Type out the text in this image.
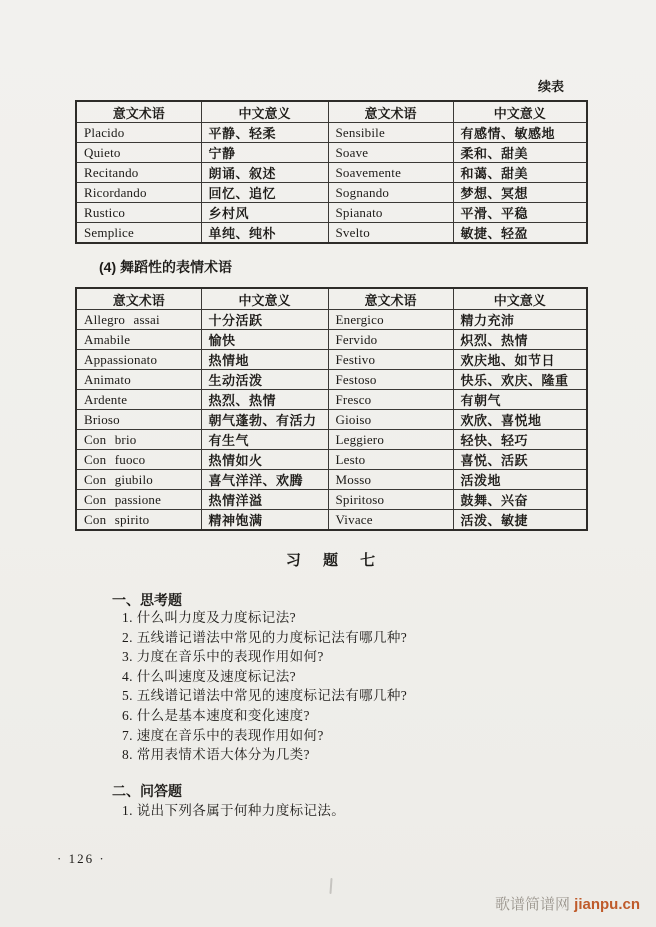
续表
意文术语	中文意义	意文术语	中文意义
Placido	平静、轻柔	Sensibile	有感情、敏感地
Quieto	宁静	Soave	柔和、甜美
Recitando	朗诵、叙述	Soavemente	和蔼、甜美
Ricordando	回忆、追忆	Sognando	梦想、冥想
Rustico	乡村风	Spianato	平滑、平稳
Semplice	单纯、纯朴	Svelto	敏捷、轻盈
(4) 舞蹈性的表情术语
意文术语	中文意义	意文术语	中文意义
Allegro assai	十分活跃	Energico	精力充沛
Amabile	愉快	Fervido	炽烈、热情
Appassionato	热情地	Festivo	欢庆地、如节日
Animato	生动活泼	Festoso	快乐、欢庆、隆重
Ardente	热烈、热情	Fresco	有朝气
Brioso	朝气蓬勃、有活力	Gioiso	欢欣、喜悦地
Con brio	有生气	Leggiero	轻快、轻巧
Con fuoco	热情如火	Lesto	喜悦、活跃
Con giubilo	喜气洋洋、欢腾	Mosso	活泼地
Con passione	热情洋溢	Spiritoso	鼓舞、兴奋
Con spirito	精神饱满	Vivace	活泼、敏捷
习 题 七
一、思考题
1. 什么叫力度及力度标记法?
2. 五线谱记谱法中常见的力度标记法有哪几种?
3. 力度在音乐中的表现作用如何?
4. 什么叫速度及速度标记法?
5. 五线谱记谱法中常见的速度标记法有哪几种?
6. 什么是基本速度和变化速度?
7. 速度在音乐中的表现作用如何?
8. 常用表情术语大体分为几类?
二、问答题
1. 说出下列各属于何种力度标记法。
· 126 ·
歌谱简谱网 jianpu.cn
